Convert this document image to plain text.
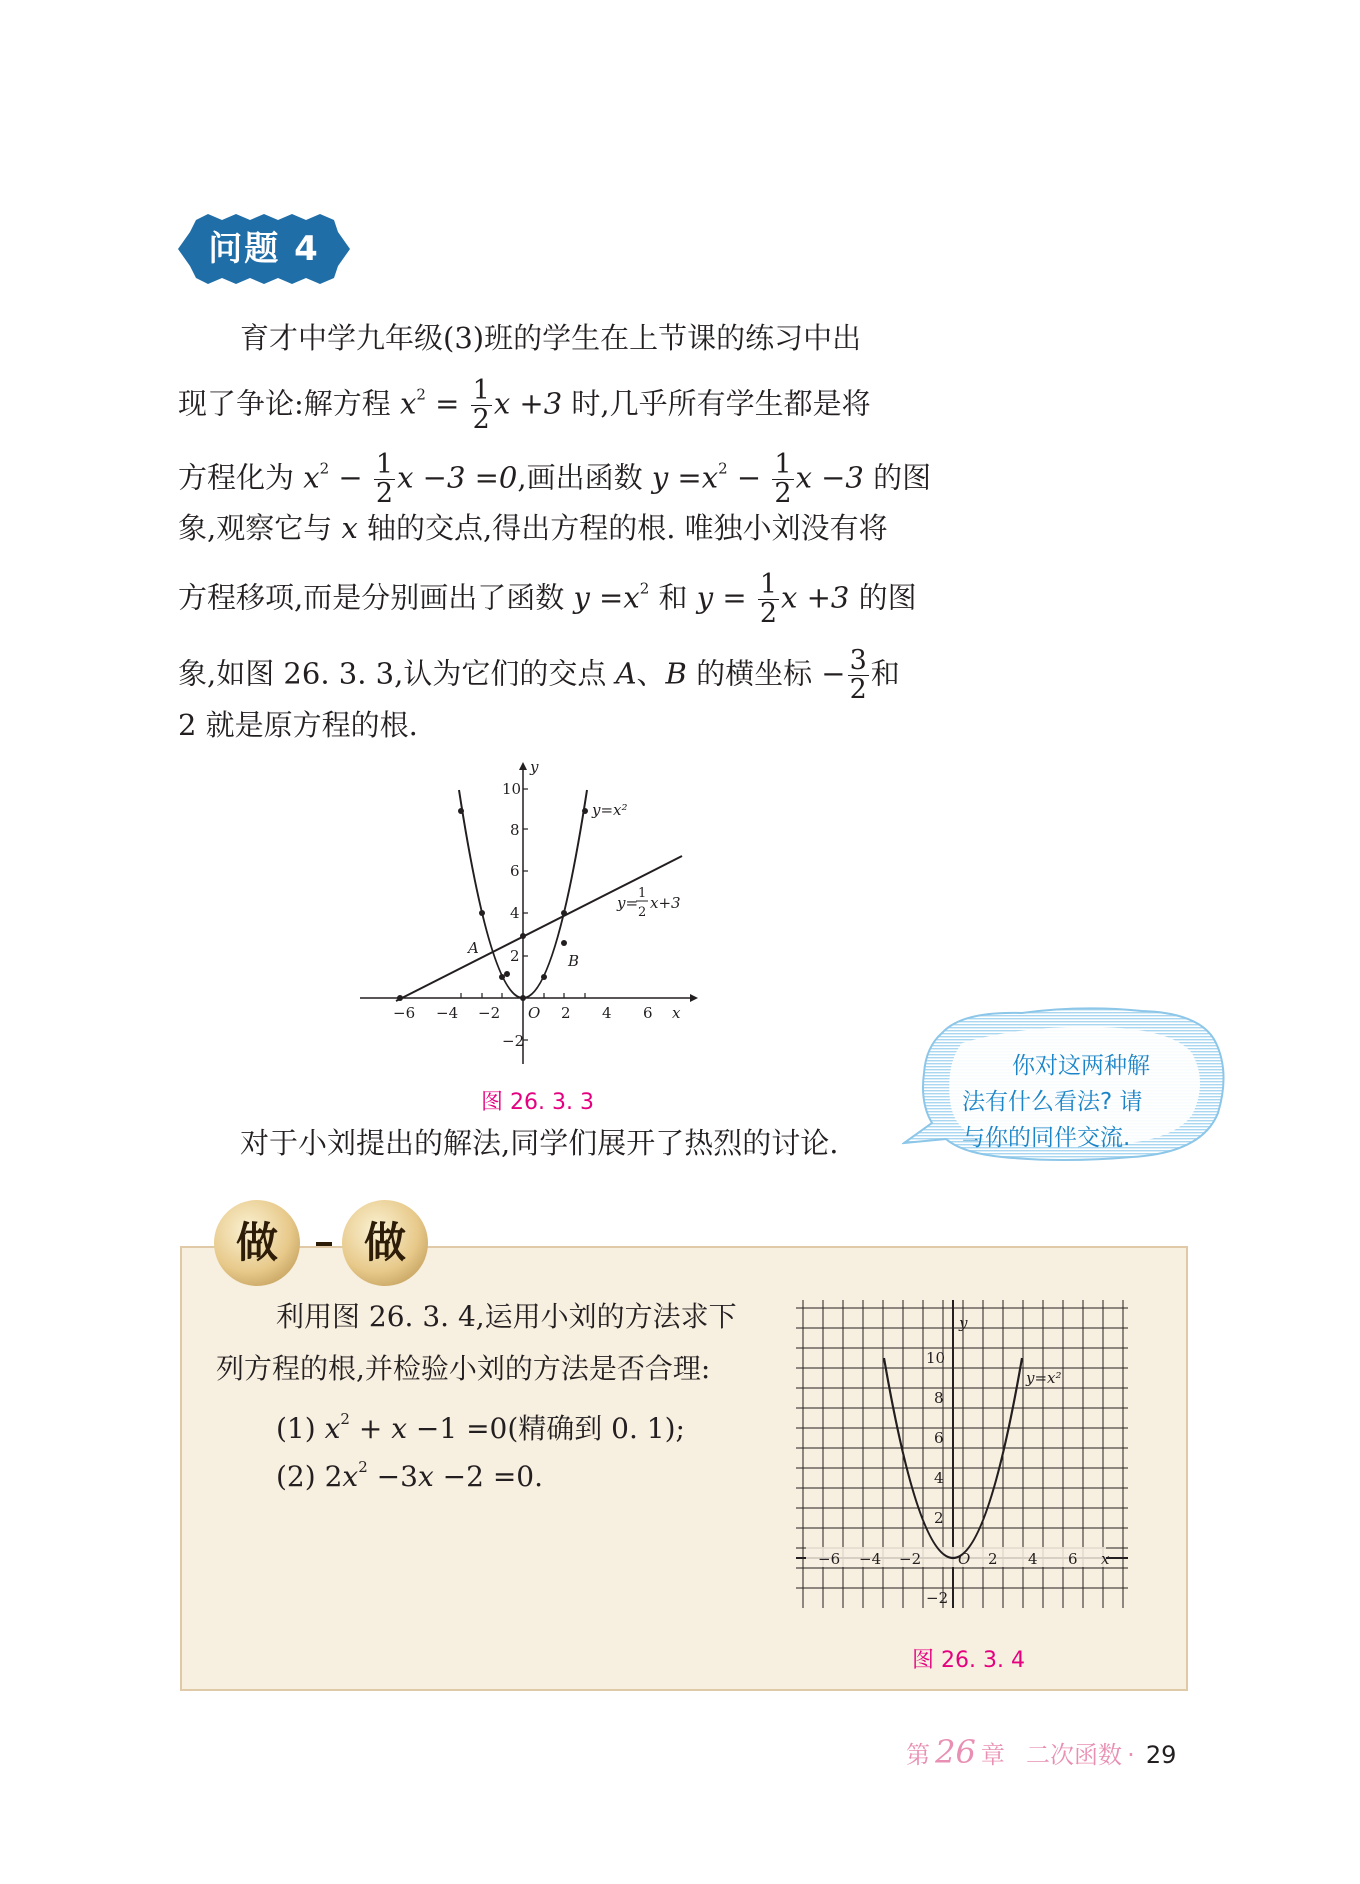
问题 4
育才中学九年级(3)班的学生在上节课的练习中出
现了争论:解方程 $x^2 = \frac{1}{2}$ x +3 时,几乎所有学生都是将
方程化为 $x^2 - \frac{1}{2}$ x −3 =0,画出函数 $y =x^2 - \frac{1}{2}$ x −3 的图
象,观察它与 x 轴的交点,得出方程的根. 唯独小刘没有将
方程移项,而是分别画出了函数 $y =x^2$ 和 $y = \frac{1}{2}$ x +3 的图
象,如图 26. 3. 3,认为它们的交点 A、B 的横坐标 − $\frac{3}{2}$ 和
2 就是原方程的根.
−6 −4 −2	2 4 6
O	x
y
10
8
6
4
2
−2
A
B
y=x²
y=
1
2
x+3
图 26. 3. 3
你对这两种解
法有什么看法? 请
与你的同伴交流.
对于小刘提出的解法,同学们展开了热烈的讨论.
做	做
利用图 26. 3. 4,运用小刘的方法求下
列方程的根,并检验小刘的方法是否合理:
(1) $x^2 + x -1 =0$(精确到 0. 1);
(2) $2x^2 -3x -2 =0$.
−6 −4 −2 O 2 4 6 x
y
10
8
6
4
2
−2
y=x²
图 26. 3. 4
第 26 章 二次函数 · 29
